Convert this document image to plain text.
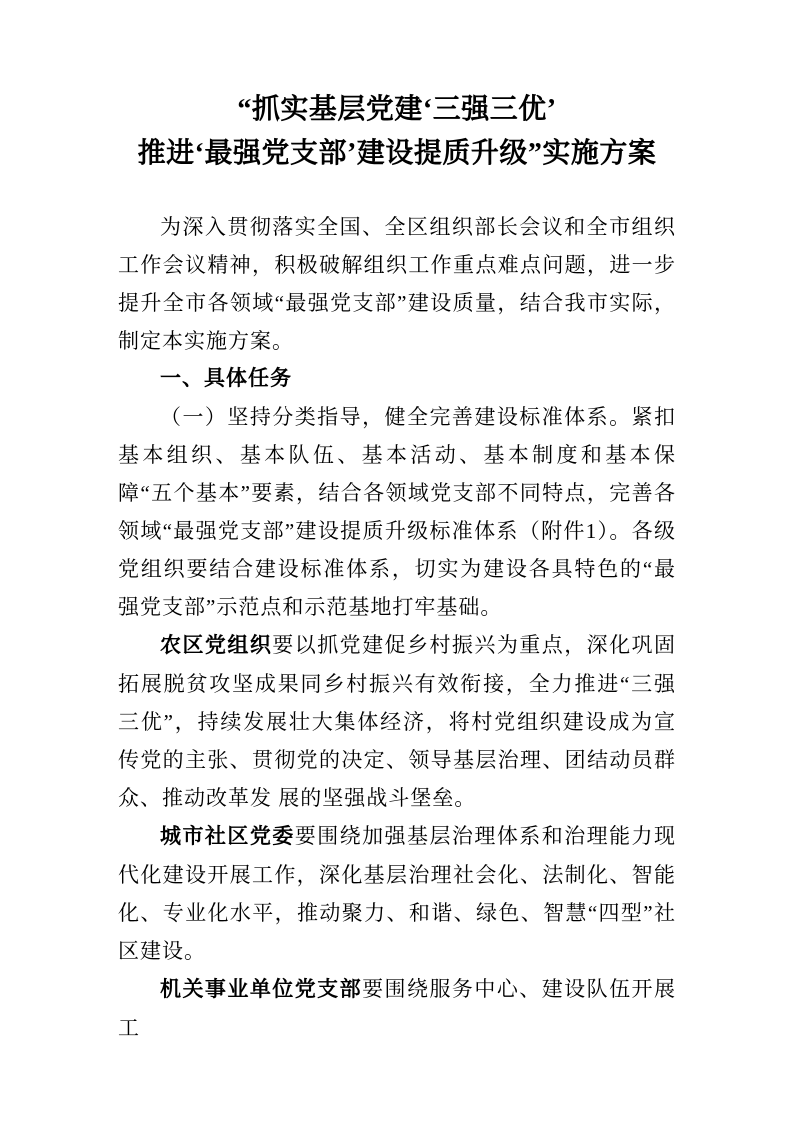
“抓实基层党建‘三强三优’
推进‘最强党支部’建设提质升级”实施方案

为深入贯彻落实全国、全区组织部长会议和全市组织工作会议精神，积极破解组织工作重点难点问题，进一步提升全市各领域“最强党支部”建设质量，结合我市实际，制定本实施方案。

一、具体任务

（一）坚持分类指导，健全完善建设标准体系。紧扣基本组织、基本队伍、基本活动、基本制度和基本保障“五个基本”要素，结合各领域党支部不同特点，完善各领域“最强党支部”建设提质升级标准体系（附件1）。各级党组织要结合建设标准体系，切实为建设各具特色的“最强党支部”示范点和示范基地打牢基础。

农区党组织要以抓党建促乡村振兴为重点，深化巩固拓展脱贫攻坚成果同乡村振兴有效衔接，全力推进“三强三优”，持续发展壮大集体经济，将村党组织建设成为宣传党的主张、贯彻党的决定、领导基层治理、团结动员群众、推动改革发 展的坚强战斗堡垒。

城市社区党委要围绕加强基层治理体系和治理能力现代化建设开展工作，深化基层治理社会化、法制化、智能化、专业化水平，推动聚力、和谐、绿色、智慧“四型”社区建设。

机关事业单位党支部要围绕服务中心、建设队伍开展工
